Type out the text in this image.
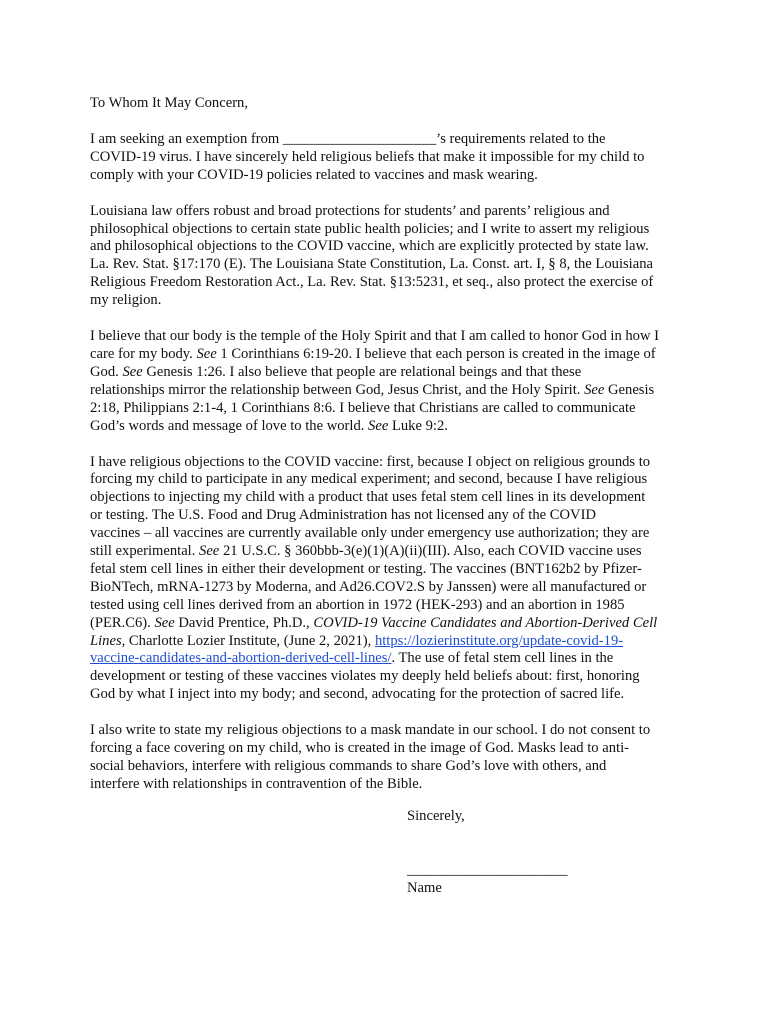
To Whom It May Concern,

I am seeking an exemption from _____________________’s requirements related to the
COVID-19 virus. I have sincerely held religious beliefs that make it impossible for my child to
comply with your COVID-19 policies related to vaccines and mask wearing.

Louisiana law offers robust and broad protections for students’ and parents’ religious and
philosophical objections to certain state public health policies; and I write to assert my religious
and philosophical objections to the COVID vaccine, which are explicitly protected by state law.
La. Rev. Stat. §17:170 (E). The Louisiana State Constitution, La. Const. art. I, § 8, the Louisiana
Religious Freedom Restoration Act., La. Rev. Stat. §13:5231, et seq., also protect the exercise of
my religion.

I believe that our body is the temple of the Holy Spirit and that I am called to honor God in how I
care for my body. See 1 Corinthians 6:19-20. I believe that each person is created in the image of
God. See Genesis 1:26. I also believe that people are relational beings and that these
relationships mirror the relationship between God, Jesus Christ, and the Holy Spirit. See Genesis
2:18, Philippians 2:1-4, 1 Corinthians 8:6. I believe that Christians are called to communicate
God’s words and message of love to the world. See Luke 9:2.

I have religious objections to the COVID vaccine: first, because I object on religious grounds to
forcing my child to participate in any medical experiment; and second, because I have religious
objections to injecting my child with a product that uses fetal stem cell lines in its development
or testing. The U.S. Food and Drug Administration has not licensed any of the COVID
vaccines – all vaccines are currently available only under emergency use authorization; they are
still experimental. See 21 U.S.C. § 360bbb-3(e)(1)(A)(ii)(III). Also, each COVID vaccine uses
fetal stem cell lines in either their development or testing. The vaccines (BNT162b2 by Pfizer-
BioNTech, mRNA-1273 by Moderna, and Ad26.COV2.S by Janssen) were all manufactured or
tested using cell lines derived from an abortion in 1972 (HEK-293) and an abortion in 1985
(PER.C6). See David Prentice, Ph.D., COVID-19 Vaccine Candidates and Abortion-Derived Cell
Lines, Charlotte Lozier Institute, (June 2, 2021), https://lozierinstitute.org/update-covid-19-
vaccine-candidates-and-abortion-derived-cell-lines/. The use of fetal stem cell lines in the
development or testing of these vaccines violates my deeply held beliefs about: first, honoring
God by what I inject into my body; and second, advocating for the protection of sacred life.

I also write to state my religious objections to a mask mandate in our school. I do not consent to
forcing a face covering on my child, who is created in the image of God. Masks lead to anti-
social behaviors, interfere with religious commands to share God’s love with others, and
interfere with relationships in contravention of the Bible.

Sincerely,
______________________
Name
